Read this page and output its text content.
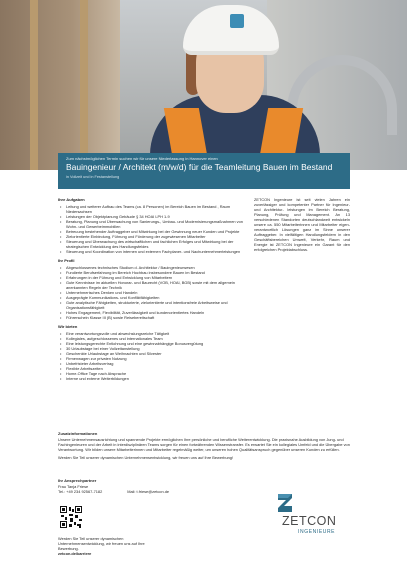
Zum nächstmöglichen Termin suchen wir für unsere Niederlassung in Hannover einen
Bauingenieur / Architekt (m/w/d) für die Teamleitung Bauen im Bestand
in Vollzeit und in Festanstellung
Ihre Aufgaben
• Leitung und weiterer Aufbau des Teams (ca. 8 Personen) im Bereich Bauen im Bestand , Raum Niedersachsen
• Leistungen der Objektplanung Gebäude § 34 HOAI LPH 1-9
• Beratung, Planung und Überwachung von Sanierungs-, Umbau- und Modernisierungsmaßnahmen von Wohn- und Gewerbeimmobilien
• Betreuung bestehender Auftraggeber und Mitwirkung bei der Gewinnung neuer Kunden und Projekte
• Zielorientierte Einbindung, Führung und Förderung der zugewiesenen Mitarbeiter
• Steuerung und Überwachung des wirtschaftlichen und fachlichen Erfolges und Mitwirkung bei der strategischen Entwicklung des Handlungsfeldes
• Steuerung und Koordination von internen und externen Fachplaner- und Nachunternehmerleistungen
Ihr Profil
• Abgeschlossenes technisches Studium d. Architektur / Bauingenieurwesen
• Fundierte Berufserfahrung im Bereich Hochbau insbesondere Bauen im Bestand
• Erfahrungen in der Führung und Entwicklung von Mitarbeitern
• Gute Kenntnisse im aktuellen Honorar- und Baurecht (VOB, HOAI, BGB) sowie mit dem allgemein anerkannten Regeln der Technik
• Unternehmerisches Denken und Handeln
• Ausgeprägte Kommunikations- und Konfliktfähigkeiten
• Gute analytische Fähigkeiten, strukturierte, zielorientierte und intentionsfreie Arbeitsweise und Organisationsfähigkeit
• Hohes Engagement, Flexibilität, Zuverlässigkeit und kundenorientiertes Handeln
• Führerschein Klasse III (B) sowie Reisebereitschaft
Wir bieten
• Eine verantwortungsvolle und abwechslungsreiche Tätigkeit
• Kollegiales, aufgeschlossenes und internationales Team
• Eine leistungsgerechte Entlohnung und eine gewinnabhängige Bonusvergütung
• 30 Urlaubstage bei einer Vollzeitanstellung
• Geschenkte Urlaubstage an Weihnachten und Silvester
• Firmenwagen zur privaten Nutzung
• Unbefristeter Arbeitsvertrag
• Flexible Arbeitszeiten
• Home-Office Tage nach Absprache
• Interne und externe Weiterbildungen
ZETCON Ingenieure ist seit vielen Jahren ein zuverlässiger und kompetenter Partner für Ingenieur- und Architektur- leistungen im Bereich Beratung, Planung, Prüfung und Management. An 13 verschiedenen Standorten deutschlandweit entwickeln unsere ca. 550 Mitarbeiterinnen und Mitarbeiter eigen- verantwortlich Lösungen ganz im Sinne unserer Auftraggeber. In vielfältigen Handlungsfeldern in den Geschäftsbereichen Umwelt, Verkehr, Raum und Energie ist ZETCON Ingenieure ein Garant für den erfolgreichen Projektabschluss.
Zusatzinformationen

Unsere Unternehmensausrichtung und spannende Projekte ermöglichen Ihre persönliche und berufliche Weiterentwicklung. Die praxisnahe Ausbildung von Jung- und Fachingenieuren und der Arbeit in interdisziplinären Teams sorgen für einen fortwährenden Wissenstransfer. Es erwartet Sie ein kollegiales Umfeld und die Übergabe von Verantwortung. Wir bilden unsere Mitarbeiterinnen und Mitarbeiter regelmäßig weiter, um unseren hohen Qualitätsanspruch gegenüber unseren Kunden zu erfüllen.

Werden Sie Teil unserer dynamischen Unternehmensentwicklung, wir freuen uns auf Ihre Bewerbung!

Ihr Ansprechpartner

Frau Tanja Friese

Tel.: +49 234 92567-7182	Mail: t.friese@zetcon.de

Werden Sie Teil unserer dynamischen

Unternehmensentwicklung, wir freuen uns auf Ihre

Bewerbung.

zetcon.de/karriere

ZETCON
INGENIEURE
